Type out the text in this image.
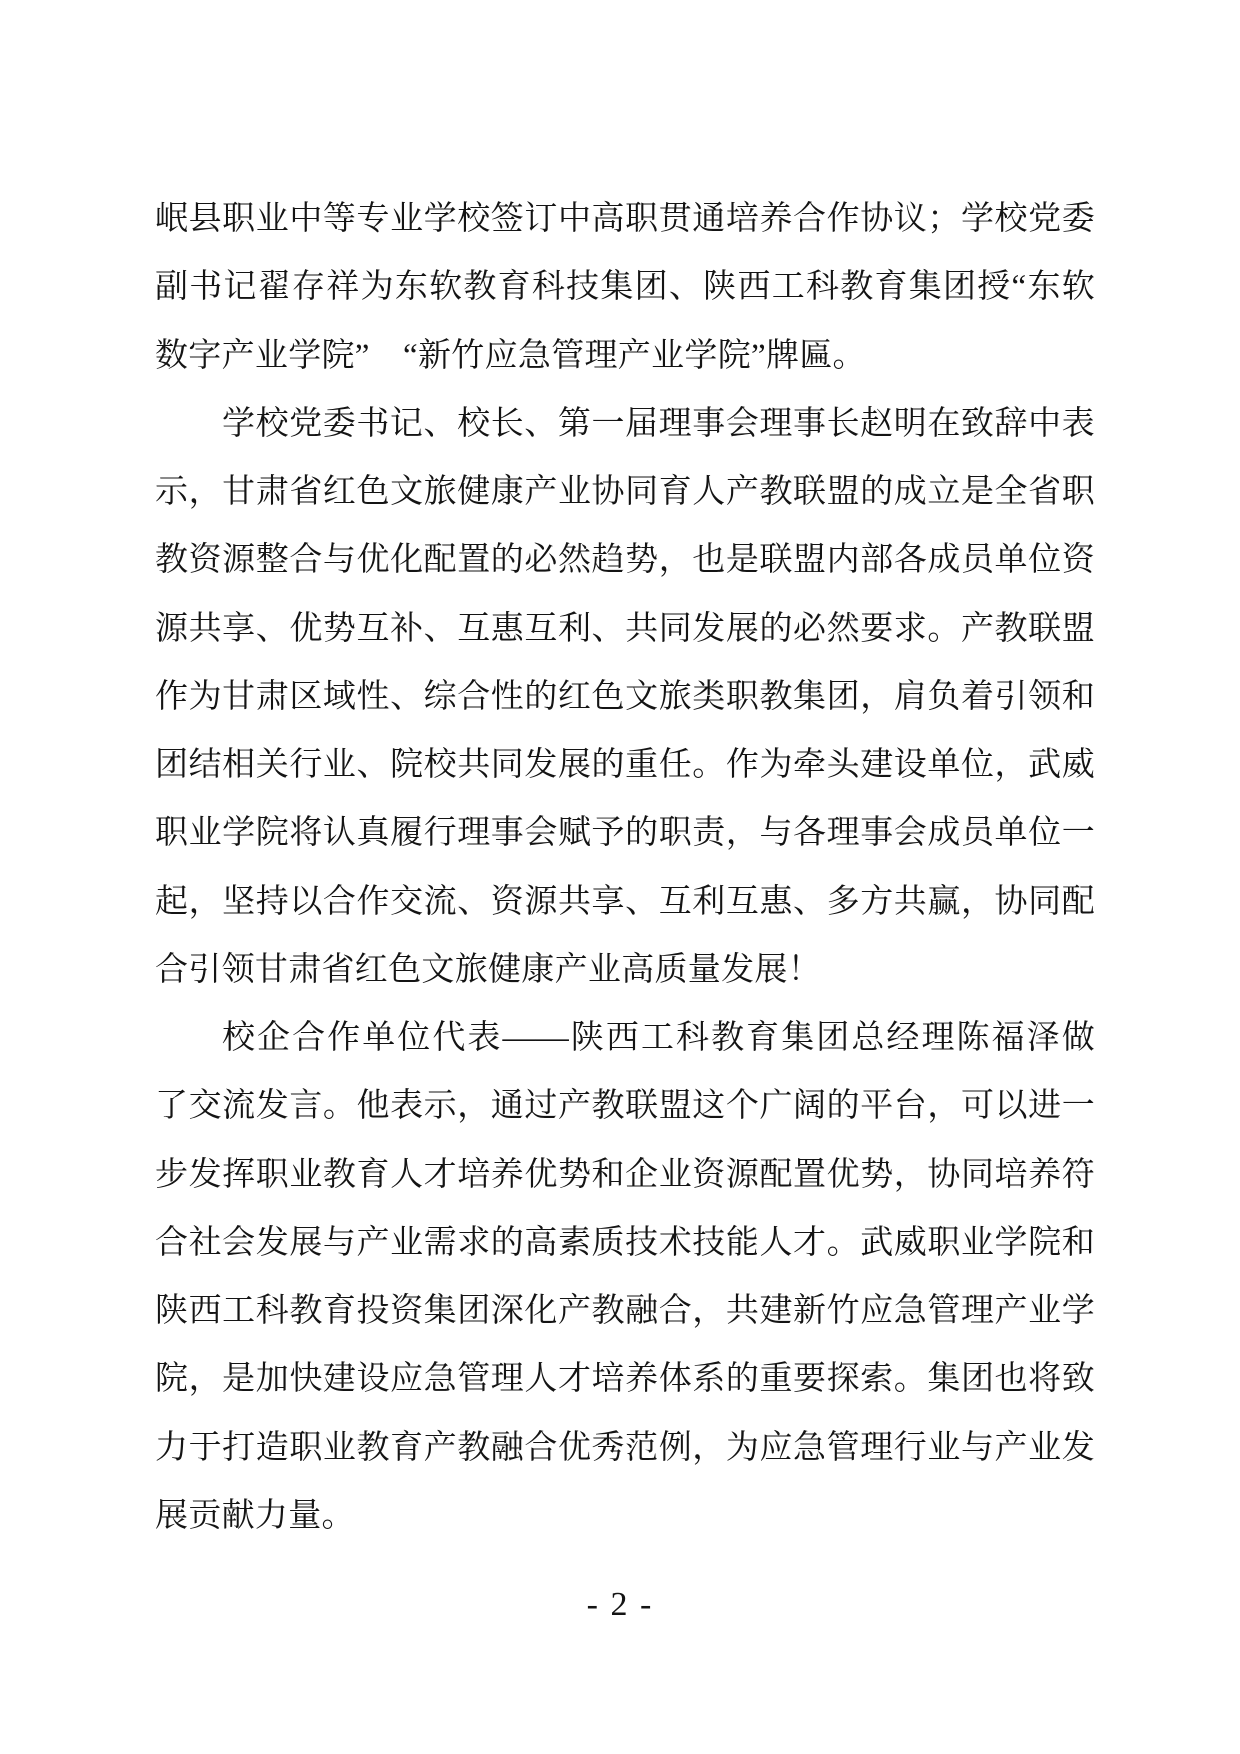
岷县职业中等专业学校签订中高职贯通培养合作协议；学校党委

副书记翟存祥为东软教育科技集团、陕西工科教育集团授“东软

数字产业学院”　“新竹应急管理产业学院”牌匾。

学校党委书记、校长、第一届理事会理事长赵明在致辞中表

示，甘肃省红色文旅健康产业协同育人产教联盟的成立是全省职

教资源整合与优化配置的必然趋势，也是联盟内部各成员单位资

源共享、优势互补、互惠互利、共同发展的必然要求。产教联盟

作为甘肃区域性、综合性的红色文旅类职教集团，肩负着引领和

团结相关行业、院校共同发展的重任。作为牵头建设单位，武威

职业学院将认真履行理事会赋予的职责，与各理事会成员单位一

起，坚持以合作交流、资源共享、互利互惠、多方共赢，协同配

合引领甘肃省红色文旅健康产业高质量发展！

校企合作单位代表——陕西工科教育集团总经理陈福泽做

了交流发言。他表示，通过产教联盟这个广阔的平台，可以进一

步发挥职业教育人才培养优势和企业资源配置优势，协同培养符

合社会发展与产业需求的高素质技术技能人才。武威职业学院和

陕西工科教育投资集团深化产教融合，共建新竹应急管理产业学

院，是加快建设应急管理人才培养体系的重要探索。集团也将致

力于打造职业教育产教融合优秀范例，为应急管理行业与产业发

展贡献力量。

- 2 -
